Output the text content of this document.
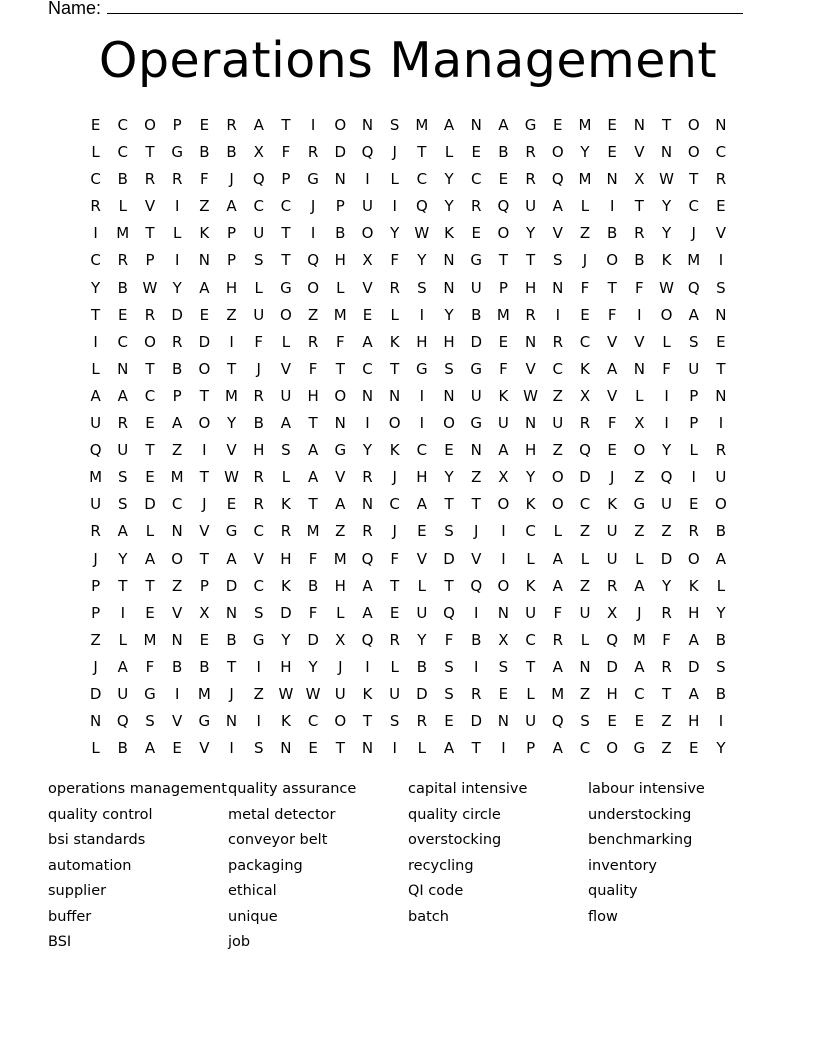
Name:
Operations Management
E	C	O	P	E	R	A	T	I	O	N	S	M	A	N	A	G	E	M	E	N	T	O	N
L	C	T	G	B	B	X	F	R	D	Q	J	T	L	E	B	R	O	Y	E	V	N	O	C
C	B	R	R	F	J	Q	P	G	N	I	L	C	Y	C	E	R	Q M	N	X W	T	R
R	L	V	I	Z	A	C	C	J	P	U	I	Q	Y	R	Q	U	A	L	I	T	Y	C	E
I	M	T	L	K	P	U	T	I	B	O	Y	W K	E	O	Y	V	Z	B	R	Y	J	V
C	R	P	I	N	P	S	T	Q	H	X	F	Y	N	G	T	T	S	J	O	B	K	M	I
Y	B W	Y	A	H	L	G	O	L	V	R	S	N	U	P	H	N	F	T	F	W Q	S
T	E	R	D	E	Z	U	O	Z	M	E	L	I	Y	B	M	R	I	E	F	I	O	A	N
I	C	O	R	D	I	F	L	R	F	A	K	H	H	D	E	N	R	C	V	V	L	S	E
L	N	T	B	O	T	J	V	F	T	C	T	G	S	G	F	V	C	K	A	N	F	U	T
A	A	C	P	T	M	R	U	H	O	N	N	I	N	U	K W Z	X	V	L	I	P	N
U	R	E	A	O	Y	B	A	T	N	I	O	I	O	G	U	N	U	R	F	X	I	P	I
Q	U	T	Z	I	V	H	S	A	G	Y	K	C	E	N	A	H	Z	Q	E	O	Y	L	R
M	S	E	M	T	W R	L	A	V	R	J	H	Y	Z	X	Y	O	D	J	Z	Q	I	U
U	S	D	C	J	E	R	K	T	A	N	C	A	T	T	O	K	O	C	K	G	U	E	O
R	A	L	N	V	G	C	R	M	Z	R	J	E	S	J	I	C	L	Z	U	Z	Z	R	B
J	Y	A	O	T	A	V	H	F	M Q	F	V	D	V	I	L	A	L	U	L	D	O	A
P	T	T	Z	P	D	C	K	B	H	A	T	L	T	Q	O	K	A	Z	R	A	Y	K	L
P	I	E	V	X	N	S	D	F	L	A	E	U	Q	I	N	U	F	U	X	J	R	H	Y
Z	L	M	N	E	B	G	Y	D	X	Q	R	Y	F	B	X	C	R	L	Q M	F	A	B
J	A	F	B	B	T	I	H	Y	J	I	L	B	S	I	S	T	A	N	D	A	R	D	S
D	U	G	I	M	J	Z W W U	K	U	D	S	R	E	L	M	Z	H	C	T	A	B
N	Q	S	V	G	N	I	K	C	O	T	S	R	E	D	N	U	Q	S	E	E	Z	H	I
L	B	A	E	V	I	S	N	E	T	N	I	L	A	T	I	P	A	C	O	G	Z	E	Y
operations management
quality control
bsi standards
automation
supplier
buffer
BSI
quality assurance
metal detector
conveyor belt
packaging
ethical
unique
job
capital intensive
quality circle
overstocking
recycling
QI code
batch
labour intensive
understocking
benchmarking
inventory
quality
flow
